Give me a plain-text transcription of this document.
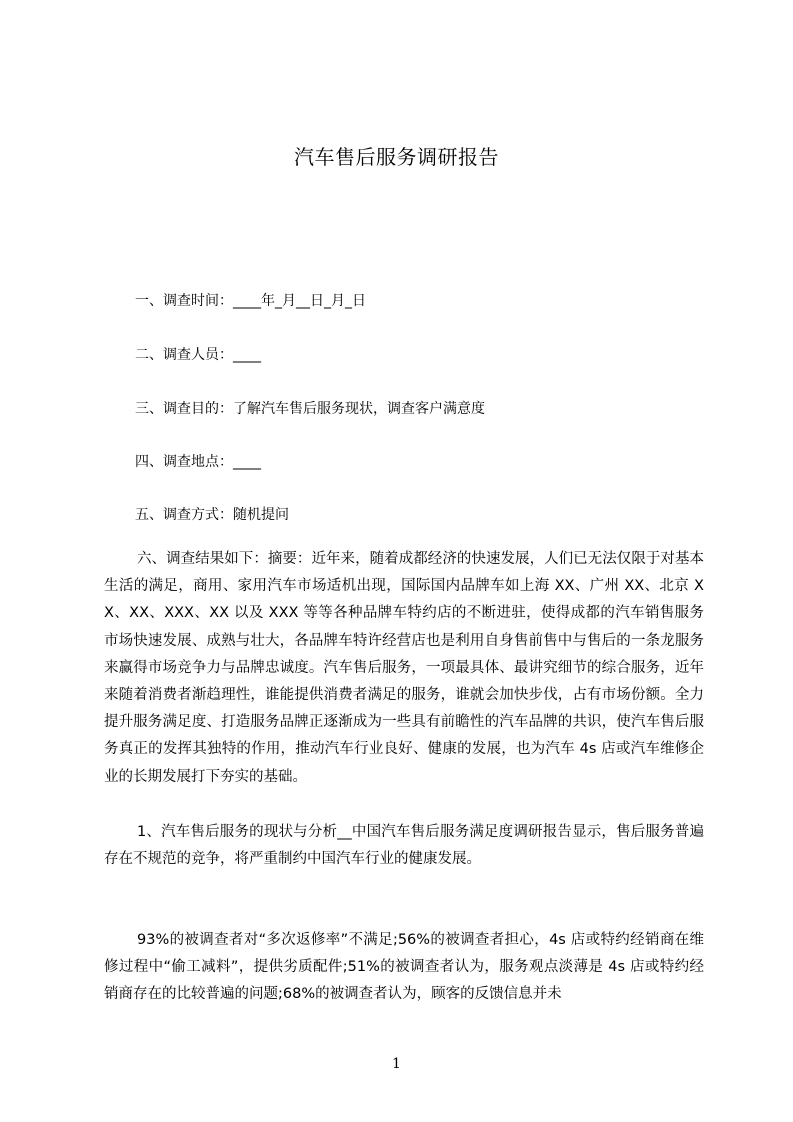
汽车售后服务调研报告
一、调查时间：____年_月__日_月_日
二、调查人员：____
三、调查目的：了解汽车售后服务现状，调查客户满意度
四、调查地点：____
五、调查方式：随机提问
六、调查结果如下：摘要：近年来，随着成都经济的快速发展，人们已无法仅限于对基本生活的满足，商用、家用汽车市场适机出现，国际国内品牌车如上海 XX、广州 XX、北京 XX、XX、XXX、XX 以及 XXX 等等各种品牌车特约店的不断进驻，使得成都的汽车销售服务市场快速发展、成熟与壮大，各品牌车特许经营店也是利用自身售前售中与售后的一条龙服务来赢得市场竞争力与品牌忠诚度。汽车售后服务，一项最具体、最讲究细节的综合服务，近年来随着消费者渐趋理性，谁能提供消费者满足的服务，谁就会加快步伐，占有市场份额。全力提升服务满足度、打造服务品牌正逐渐成为一些具有前瞻性的汽车品牌的共识，使汽车售后服务真正的发挥其独特的作用，推动汽车行业良好、健康的发展，也为汽车 4s 店或汽车维修企业的长期发展打下夯实的基础。
1、汽车售后服务的现状与分析__中国汽车售后服务满足度调研报告显示，售后服务普遍存在不规范的竞争，将严重制约中国汽车行业的健康发展。
93%的被调查者对“多次返修率”不满足;56%的被调查者担心，4s 店或特约经销商在维修过程中“偷工减料”，提供劣质配件;51%的被调查者认为，服务观点淡薄是 4s 店或特约经销商存在的比较普遍的问题;68%的被调查者认为，顾客的反馈信息并未
1
